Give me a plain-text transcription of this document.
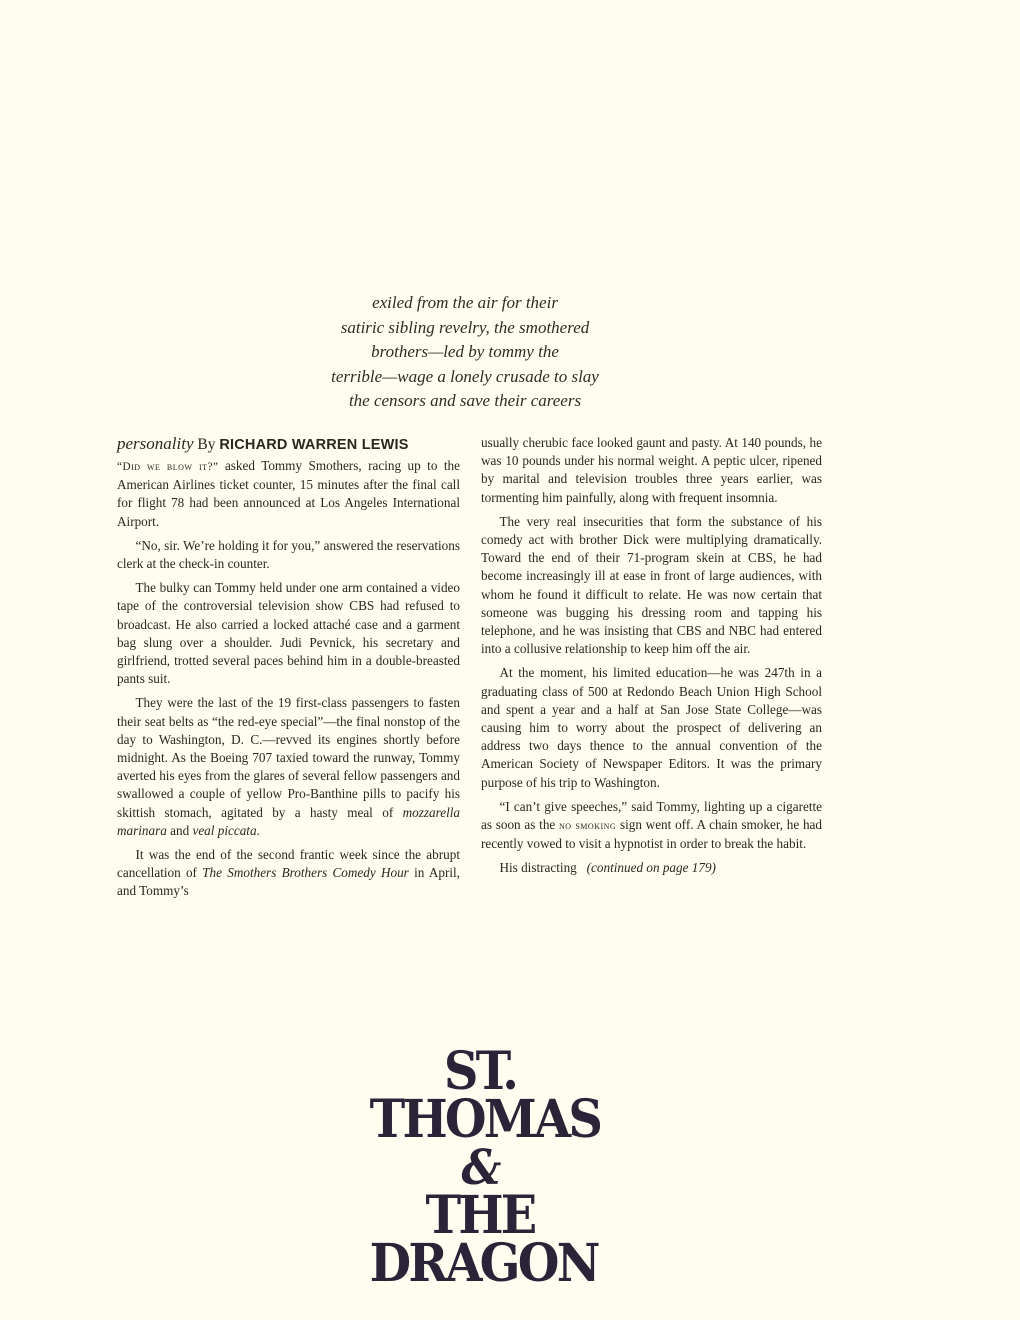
exiled from the air for their
satiric sibling revelry, the smothered
brothers—led by tommy the
terrible—wage a lonely crusade to slay
the censors and save their careers
personality By RICHARD WARREN LEWIS

“Did we blow it?” asked Tommy Smothers, racing up to the American Airlines ticket counter, 15 minutes after the final call for flight 78 had been announced at Los Angeles International Airport.

“No, sir. We’re holding it for you,” answered the reservations clerk at the check-in counter.

The bulky can Tommy held under one arm contained a video tape of the controversial television show CBS had refused to broadcast. He also carried a locked attaché case and a garment bag slung over a shoulder. Judi Pevnick, his secretary and girlfriend, trotted several paces behind him in a double-breasted pants suit.

They were the last of the 19 first-class passengers to fasten their seat belts as “the red-eye special”—the final nonstop of the day to Washington, D. C.—revved its engines shortly before midnight. As the Boeing 707 taxied toward the runway, Tommy averted his eyes from the glares of several fellow passengers and swallowed a couple of yellow Pro-Banthine pills to pacify his skittish stomach, agitated by a hasty meal of mozzarella marinara and veal piccata.

It was the end of the second frantic week since the abrupt cancellation of The Smothers Brothers Comedy Hour in April, and Tommy’s

usually cherubic face looked gaunt and pasty. At 140 pounds, he was 10 pounds under his normal weight. A peptic ulcer, ripened by marital and television troubles three years earlier, was tormenting him painfully, along with frequent insomnia.

The very real insecurities that form the substance of his comedy act with brother Dick were multiplying dramatically. Toward the end of their 71-program skein at CBS, he had become increasingly ill at ease in front of large audiences, with whom he found it difficult to relate. He was now certain that someone was bugging his dressing room and tapping his telephone, and he was insisting that CBS and NBC had entered into a collusive relationship to keep him off the air.

At the moment, his limited education—he was 247th in a graduating class of 500 at Redondo Beach Union High School and spent a year and a half at San Jose State College—was causing him to worry about the prospect of delivering an address two days thence to the annual convention of the American Society of Newspaper Editors. It was the primary purpose of his trip to Washington.

“I can’t give speeches,” said Tommy, lighting up a cigarette as soon as the no smoking sign went off. A chain smoker, he had recently vowed to visit a hypnotist in order to break the habit.

His distracting (continued on page 179)

ST.
THOMAS
&
THE
DRAGON
